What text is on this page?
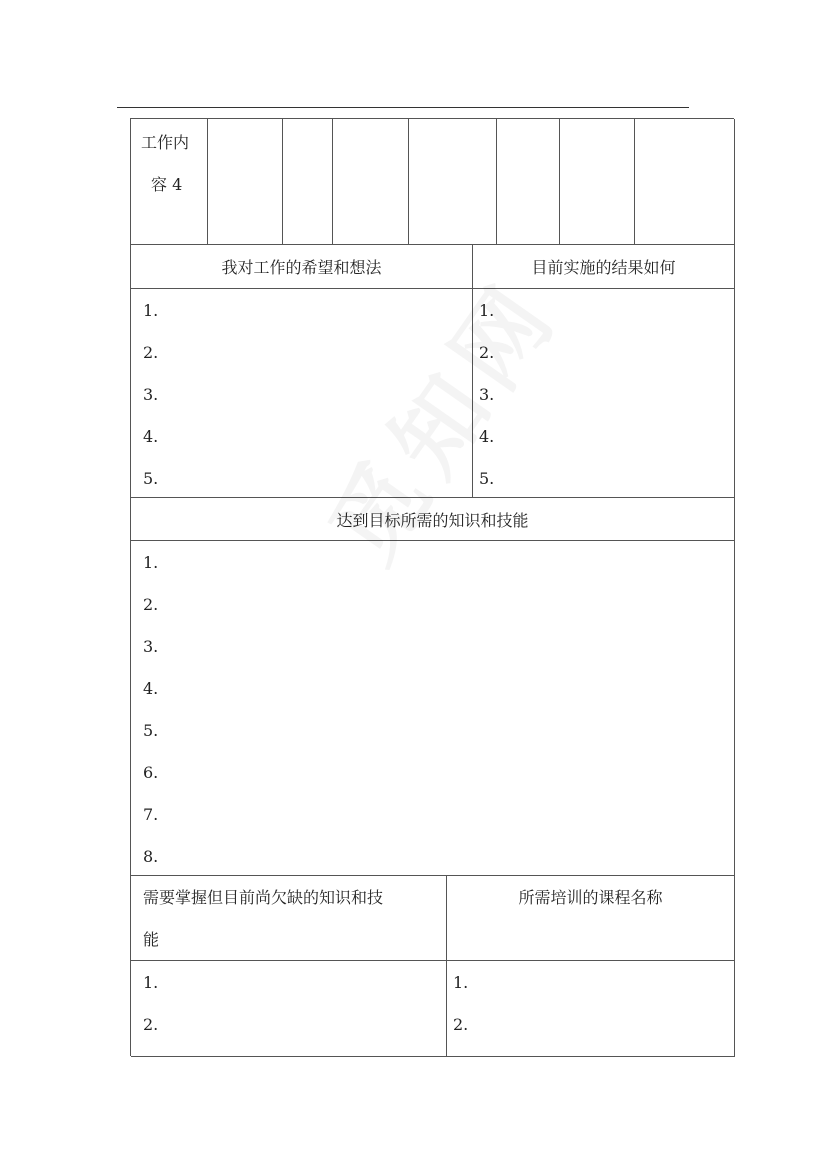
工作内
容 4
我对工作的希望和想法	目前实施的结果如何
1.
2.
3.
4.
5.
1.
2.
3.
4.
5.
达到目标所需的知识和技能
1.
2.
3.
4.
5.
6.
7.
8.
需要掌握但目前尚欠缺的知识和技
能
所需培训的课程名称
1.
2.
1.
2.
